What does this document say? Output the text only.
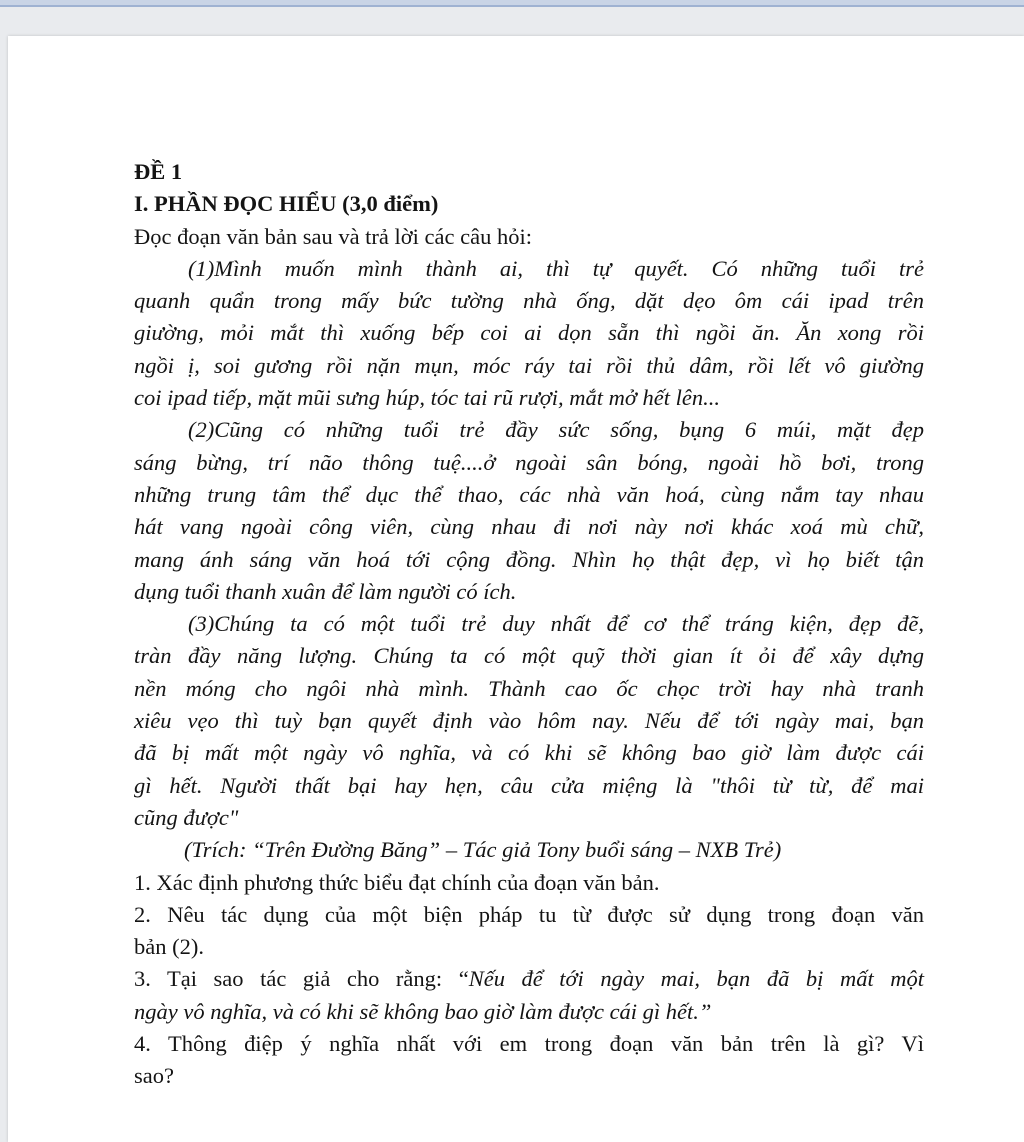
ĐỀ 1
I. PHẦN ĐỌC HIỂU (3,0 điểm)
Đọc đoạn văn bản sau và trả lời các câu hỏi:
(1)Mình muốn mình thành ai, thì tự quyết. Có những tuổi trẻ
quanh quẩn trong mấy bức tường nhà ống, dặt dẹo ôm cái ipad trên
giường, mỏi mắt thì xuống bếp coi ai dọn sẵn thì ngồi ăn. Ăn xong rồi
ngồi ị, soi gương rồi nặn mụn, móc ráy tai rồi thủ dâm, rồi lết vô giường
coi ipad tiếp, mặt mũi sưng húp, tóc tai rũ rượi, mắt mở hết lên...
(2)Cũng có những tuổi trẻ đầy sức sống, bụng 6 múi, mặt đẹp
sáng bừng, trí não thông tuệ....ở ngoài sân bóng, ngoài hồ bơi, trong
những trung tâm thể dục thể thao, các nhà văn hoá, cùng nắm tay nhau
hát vang ngoài công viên, cùng nhau đi nơi này nơi khác xoá mù chữ,
mang ánh sáng văn hoá tới cộng đồng. Nhìn họ thật đẹp, vì họ biết tận
dụng tuổi thanh xuân để làm người có ích.
(3)Chúng ta có một tuổi trẻ duy nhất để cơ thể tráng kiện, đẹp đẽ,
tràn đầy năng lượng. Chúng ta có một quỹ thời gian ít ỏi để xây dựng
nền móng cho ngôi nhà mình. Thành cao ốc chọc trời hay nhà tranh
xiêu vẹo thì tuỳ bạn quyết định vào hôm nay. Nếu để tới ngày mai, bạn
đã bị mất một ngày vô nghĩa, và có khi sẽ không bao giờ làm được cái
gì hết. Người thất bại hay hẹn, câu cửa miệng là "thôi từ từ, để mai
cũng được"
(Trích: “Trên Đường Băng” – Tác giả Tony buổi sáng – NXB Trẻ)
1. Xác định phương thức biểu đạt chính của đoạn văn bản.
2. Nêu tác dụng của một biện pháp tu từ được sử dụng trong đoạn văn
bản (2).
3. Tại sao tác giả cho rằng: “Nếu để tới ngày mai, bạn đã bị mất một
ngày vô nghĩa, và có khi sẽ không bao giờ làm được cái gì hết.”
4. Thông điệp ý nghĩa nhất với em trong đoạn văn bản trên là gì? Vì
sao?
